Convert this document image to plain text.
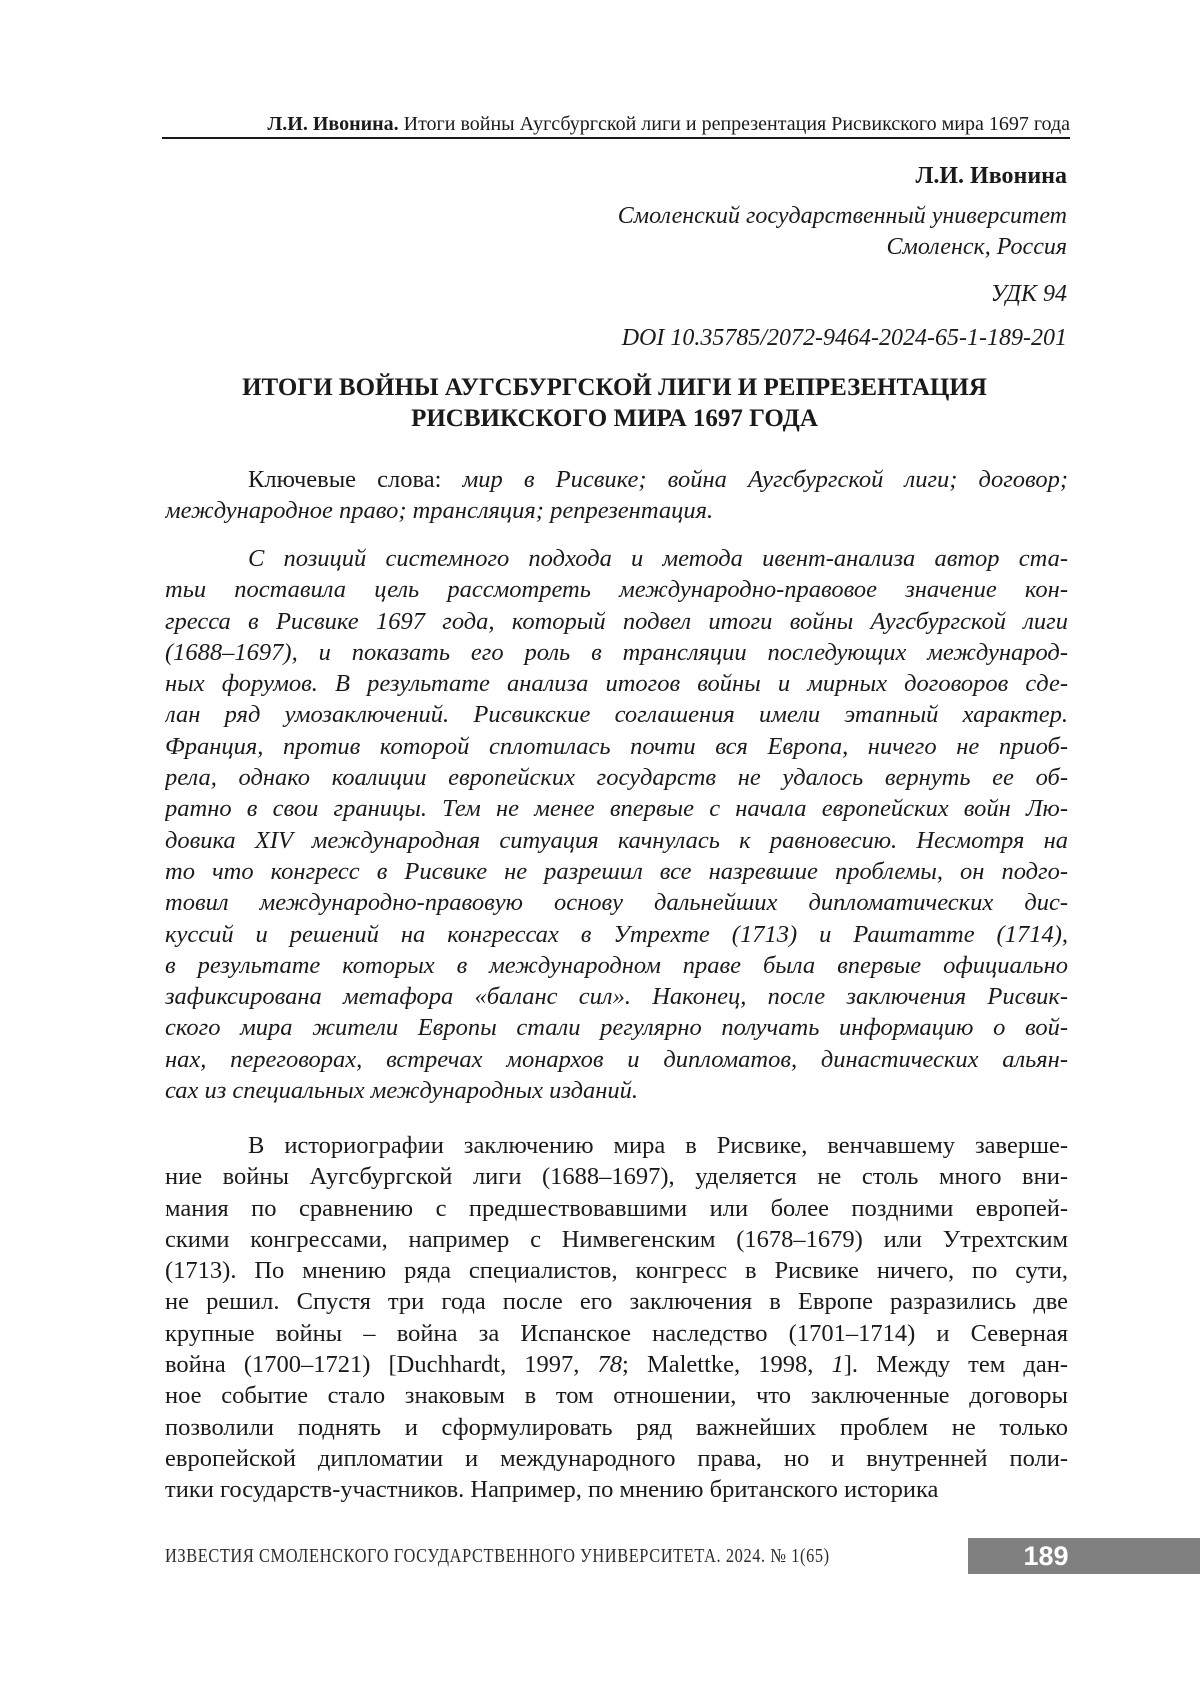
Л.И. Ивонина. Итоги войны Аугсбургской лиги и репрезентация Рисвикского мира 1697 года
Л.И. Ивонина
Смоленский государственный университет
Смоленск, Россия
УДК 94
DOI 10.35785/2072-9464-2024-65-1-189-201
ИТОГИ ВОЙНЫ АУГСБУРГСКОЙ ЛИГИ И РЕПРЕЗЕНТАЦИЯ
РИСВИКСКОГО МИРА 1697 ГОДА
Ключевые слова: мир в Рисвике; война Аугсбургской лиги; договор;
международное право; трансляция; репрезентация.
С позиций системного подхода и метода ивент-анализа автор ста-
тьи поставила цель рассмотреть международно-правовое значение кон-
гресса в Рисвике 1697 года, который подвел итоги войны Аугсбургской лиги
(1688–1697), и показать его роль в трансляции последующих международ-
ных форумов. В результате анализа итогов войны и мирных договоров сде-
лан ряд умозаключений. Рисвикские соглашения имели этапный характер.
Франция, против которой сплотилась почти вся Европа, ничего не приоб-
рела, однако коалиции европейских государств не удалось вернуть ее об-
ратно в свои границы. Тем не менее впервые с начала европейских войн Лю-
довика XIV международная ситуация качнулась к равновесию. Несмотря на
то что конгресс в Рисвике не разрешил все назревшие проблемы, он подго-
товил международно-правовую основу дальнейших дипломатических дис-
куссий и решений на конгрессах в Утрехте (1713) и Раштатте (1714),
в результате которых в международном праве была впервые официально
зафиксирована метафора «баланс сил». Наконец, после заключения Рисвик-
ского мира жители Европы стали регулярно получать информацию о вой-
нах, переговорах, встречах монархов и дипломатов, династических альян-
сах из специальных международных изданий.
В историографии заключению мира в Рисвике, венчавшему заверше-
ние войны Аугсбургской лиги (1688–1697), уделяется не столь много вни-
мания по сравнению с предшествовавшими или более поздними европей-
скими конгрессами, например с Нимвегенским (1678–1679) или Утрехтским
(1713). По мнению ряда специалистов, конгресс в Рисвике ничего, по сути,
не решил. Спустя три года после его заключения в Европе разразились две
крупные войны – война за Испанское наследство (1701–1714) и Северная
война (1700–1721) [Duchhardt, 1997, 78; Malettke, 1998, 1]. Между тем дан-
ное событие стало знаковым в том отношении, что заключенные договоры
позволили поднять и сформулировать ряд важнейших проблем не только
европейской дипломатии и международного права, но и внутренней поли-
тики государств-участников. Например, по мнению британского историка
ИЗВЕСТИЯ СМОЛЕНСКОГО ГОСУДАРСТВЕННОГО УНИВЕРСИТЕТА. 2024. № 1(65)	189
